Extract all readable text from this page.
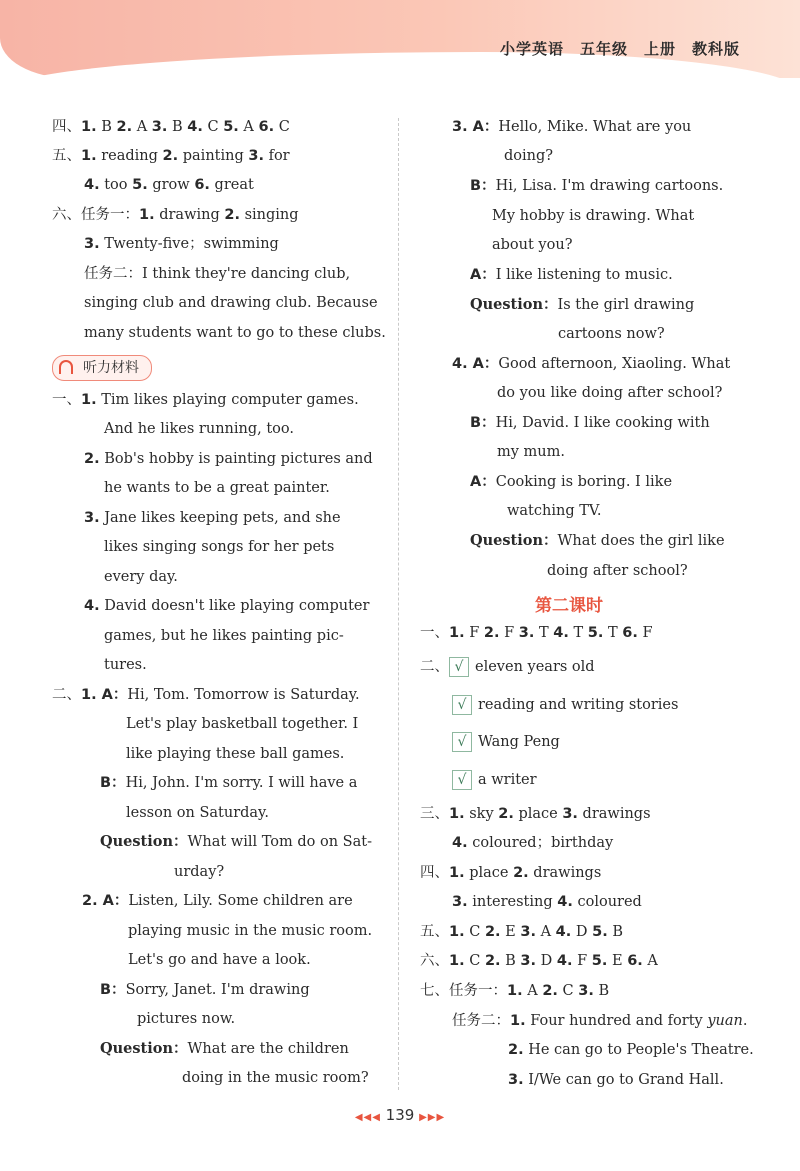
小学英语　五年级　上册　教科版
四、1. B 2. A 3. B 4. C 5. A 6. C
五、1. reading 2. painting 3. for
4. too 5. grow 6. great
六、任务一：1. drawing 2. singing
3. Twenty-five；swimming
任务二：I think they're dancing club,
singing club and drawing club. Because
many students want to go to these clubs.
听力材料
一、1. Tim likes playing computer games.
And he likes running, too.
2. Bob's hobby is painting pictures and
he wants to be a great painter.
3. Jane likes keeping pets, and she
likes singing songs for her pets
every day.
4. David doesn't like playing computer
games, but he likes painting pic-
tures.
二、1. A：Hi, Tom. Tomorrow is Saturday.
Let's play basketball together. I
like playing these ball games.
B：Hi, John. I'm sorry. I will have a
lesson on Saturday.
Question：What will Tom do on Sat-
urday?
2. A：Listen, Lily. Some children are
playing music in the music room.
Let's go and have a look.
B：Sorry, Janet. I'm drawing
pictures now.
Question：What are the children
doing in the music room?
3. A：Hello, Mike. What are you
doing?
B：Hi, Lisa. I'm drawing cartoons.
My hobby is drawing. What
about you?
A：I like listening to music.
Question：Is the girl drawing
cartoons now?
4. A：Good afternoon, Xiaoling. What
do you like doing after school?
B：Hi, David. I like cooking with
my mum.
A：Cooking is boring. I like
watching TV.
Question：What does the girl like
doing after school?
第二课时
一、1. F 2. F 3. T 4. T 5. T 6. F
二、 √ eleven years old
√ reading and writing stories
√ Wang Peng
√ a writer
三、1. sky 2. place 3. drawings
4. coloured；birthday
四、1. place 2. drawings
3. interesting 4. coloured
五、1. C 2. E 3. A 4. D 5. B
六、1. C 2. B 3. D 4. F 5. E 6. A
七、任务一：1. A 2. C 3. B
任务二：1. Four hundred and forty yuan.
2. He can go to People's Theatre.
3. I/We can go to Grand Hall.
◀◀◀ 139 ▶▶▶
